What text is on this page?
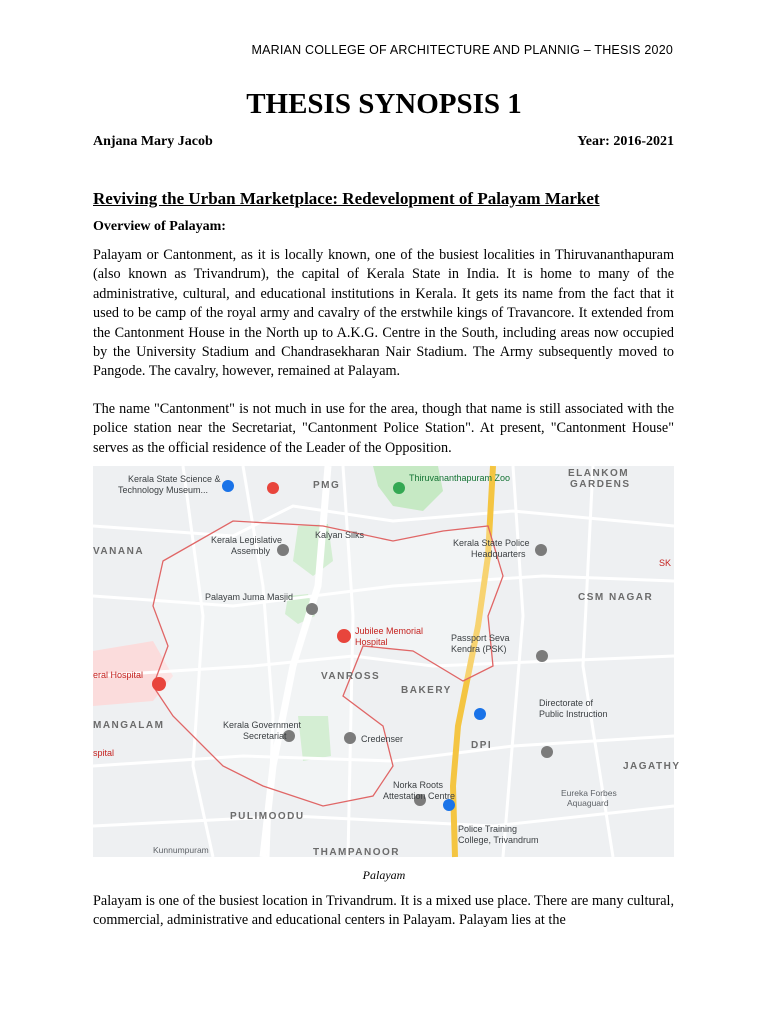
MARIAN COLLEGE OF ARCHITECTURE AND PLANNIG – THESIS 2020
THESIS SYNOPSIS 1
Anjana Mary Jacob	Year: 2016-2021
Reviving the Urban Marketplace: Redevelopment of Palayam Market
Overview of Palayam:

Palayam or Cantonment, as it is locally known, one of the busiest localities in Thiruvananthapuram (also known as Trivandrum), the capital of Kerala State in India. It is home to many of the administrative, cultural, and educational institutions in Kerala. It gets its name from the fact that it used to be camp of the royal army and cavalry of the erstwhile kings of Travancore. It extended from the Cantonment House in the North up to A.K.G. Centre in the South, including areas now occupied by the University Stadium and Chandrasekharan Nair Stadium. The Army subsequently moved to Pangode. The cavalry, however, remained at Palayam.

The name "Cantonment" is not much in use for the area, though that name is still associated with the police station near the Secretariat, "Cantonment Police Station". At present, "Cantonment House" serves as the official residence of the Leader of the Opposition.

Kerala State Science &
Technology Museum...	PMG
Thiruvananthapuram Zoo	ELANKOM
GARDENS
VANANA
Kerala Legislative
Assembly
Kalyan Silks
Kerala State Police
Headquarters
SK
Palayam Juma Masjid
Jubilee Memorial
Hospital
CSM NAGAR
Passport Seva
Kendra (PSK)
eral Hospital	VANROSS
BAKERY
MANGALAM	Kerala Government
Secretariat
Directorate of
Public Instruction
Credenser
DPI
JAGATHY
spital
Norka Roots
Attestation Centre	Eureka Forbes
Aquaguard
PULIMOODU
Police Training
College, Trivandrum
Kunnumpuram	THAMPANOOR
Palayam

Palayam is one of the busiest location in Trivandrum. It is a mixed use place. There are many cultural, commercial, administrative and educational centers in Palayam. Palayam lies at the
